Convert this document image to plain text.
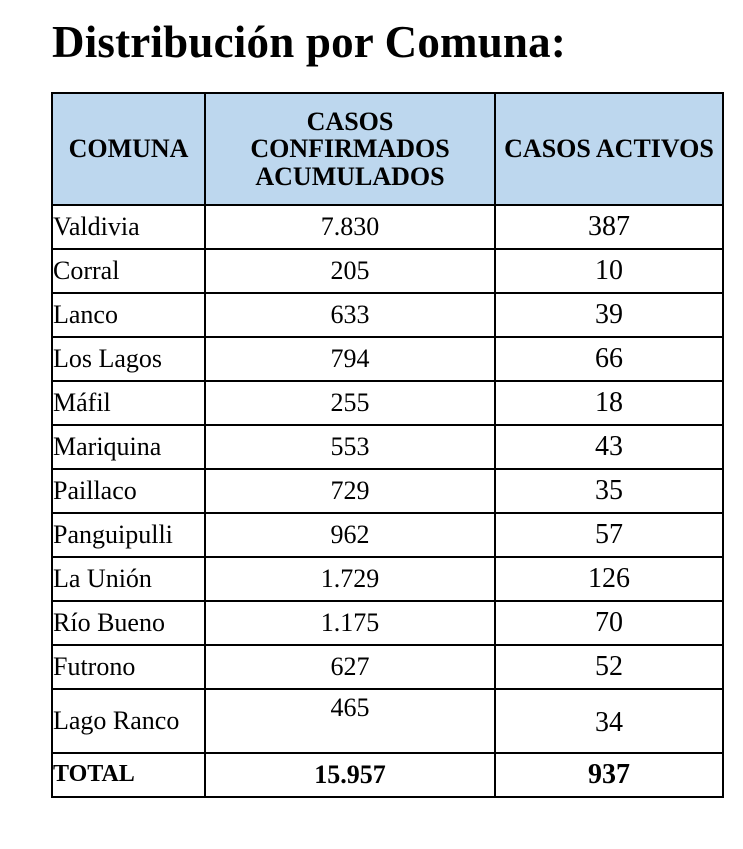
Distribución por Comuna:
COMUNA	CASOS CONFIRMADOS ACUMULADOS	CASOS ACTIVOS
Valdivia	7.830	387
Corral	205	10
Lanco	633	39
Los Lagos	794	66
Máfil	255	18
Mariquina	553	43
Paillaco	729	35
Panguipulli	962	57
La Unión	1.729	126
Río Bueno	1.175	70
Futrono	627	52
Lago Ranco	465	34
TOTAL	15.957	937
